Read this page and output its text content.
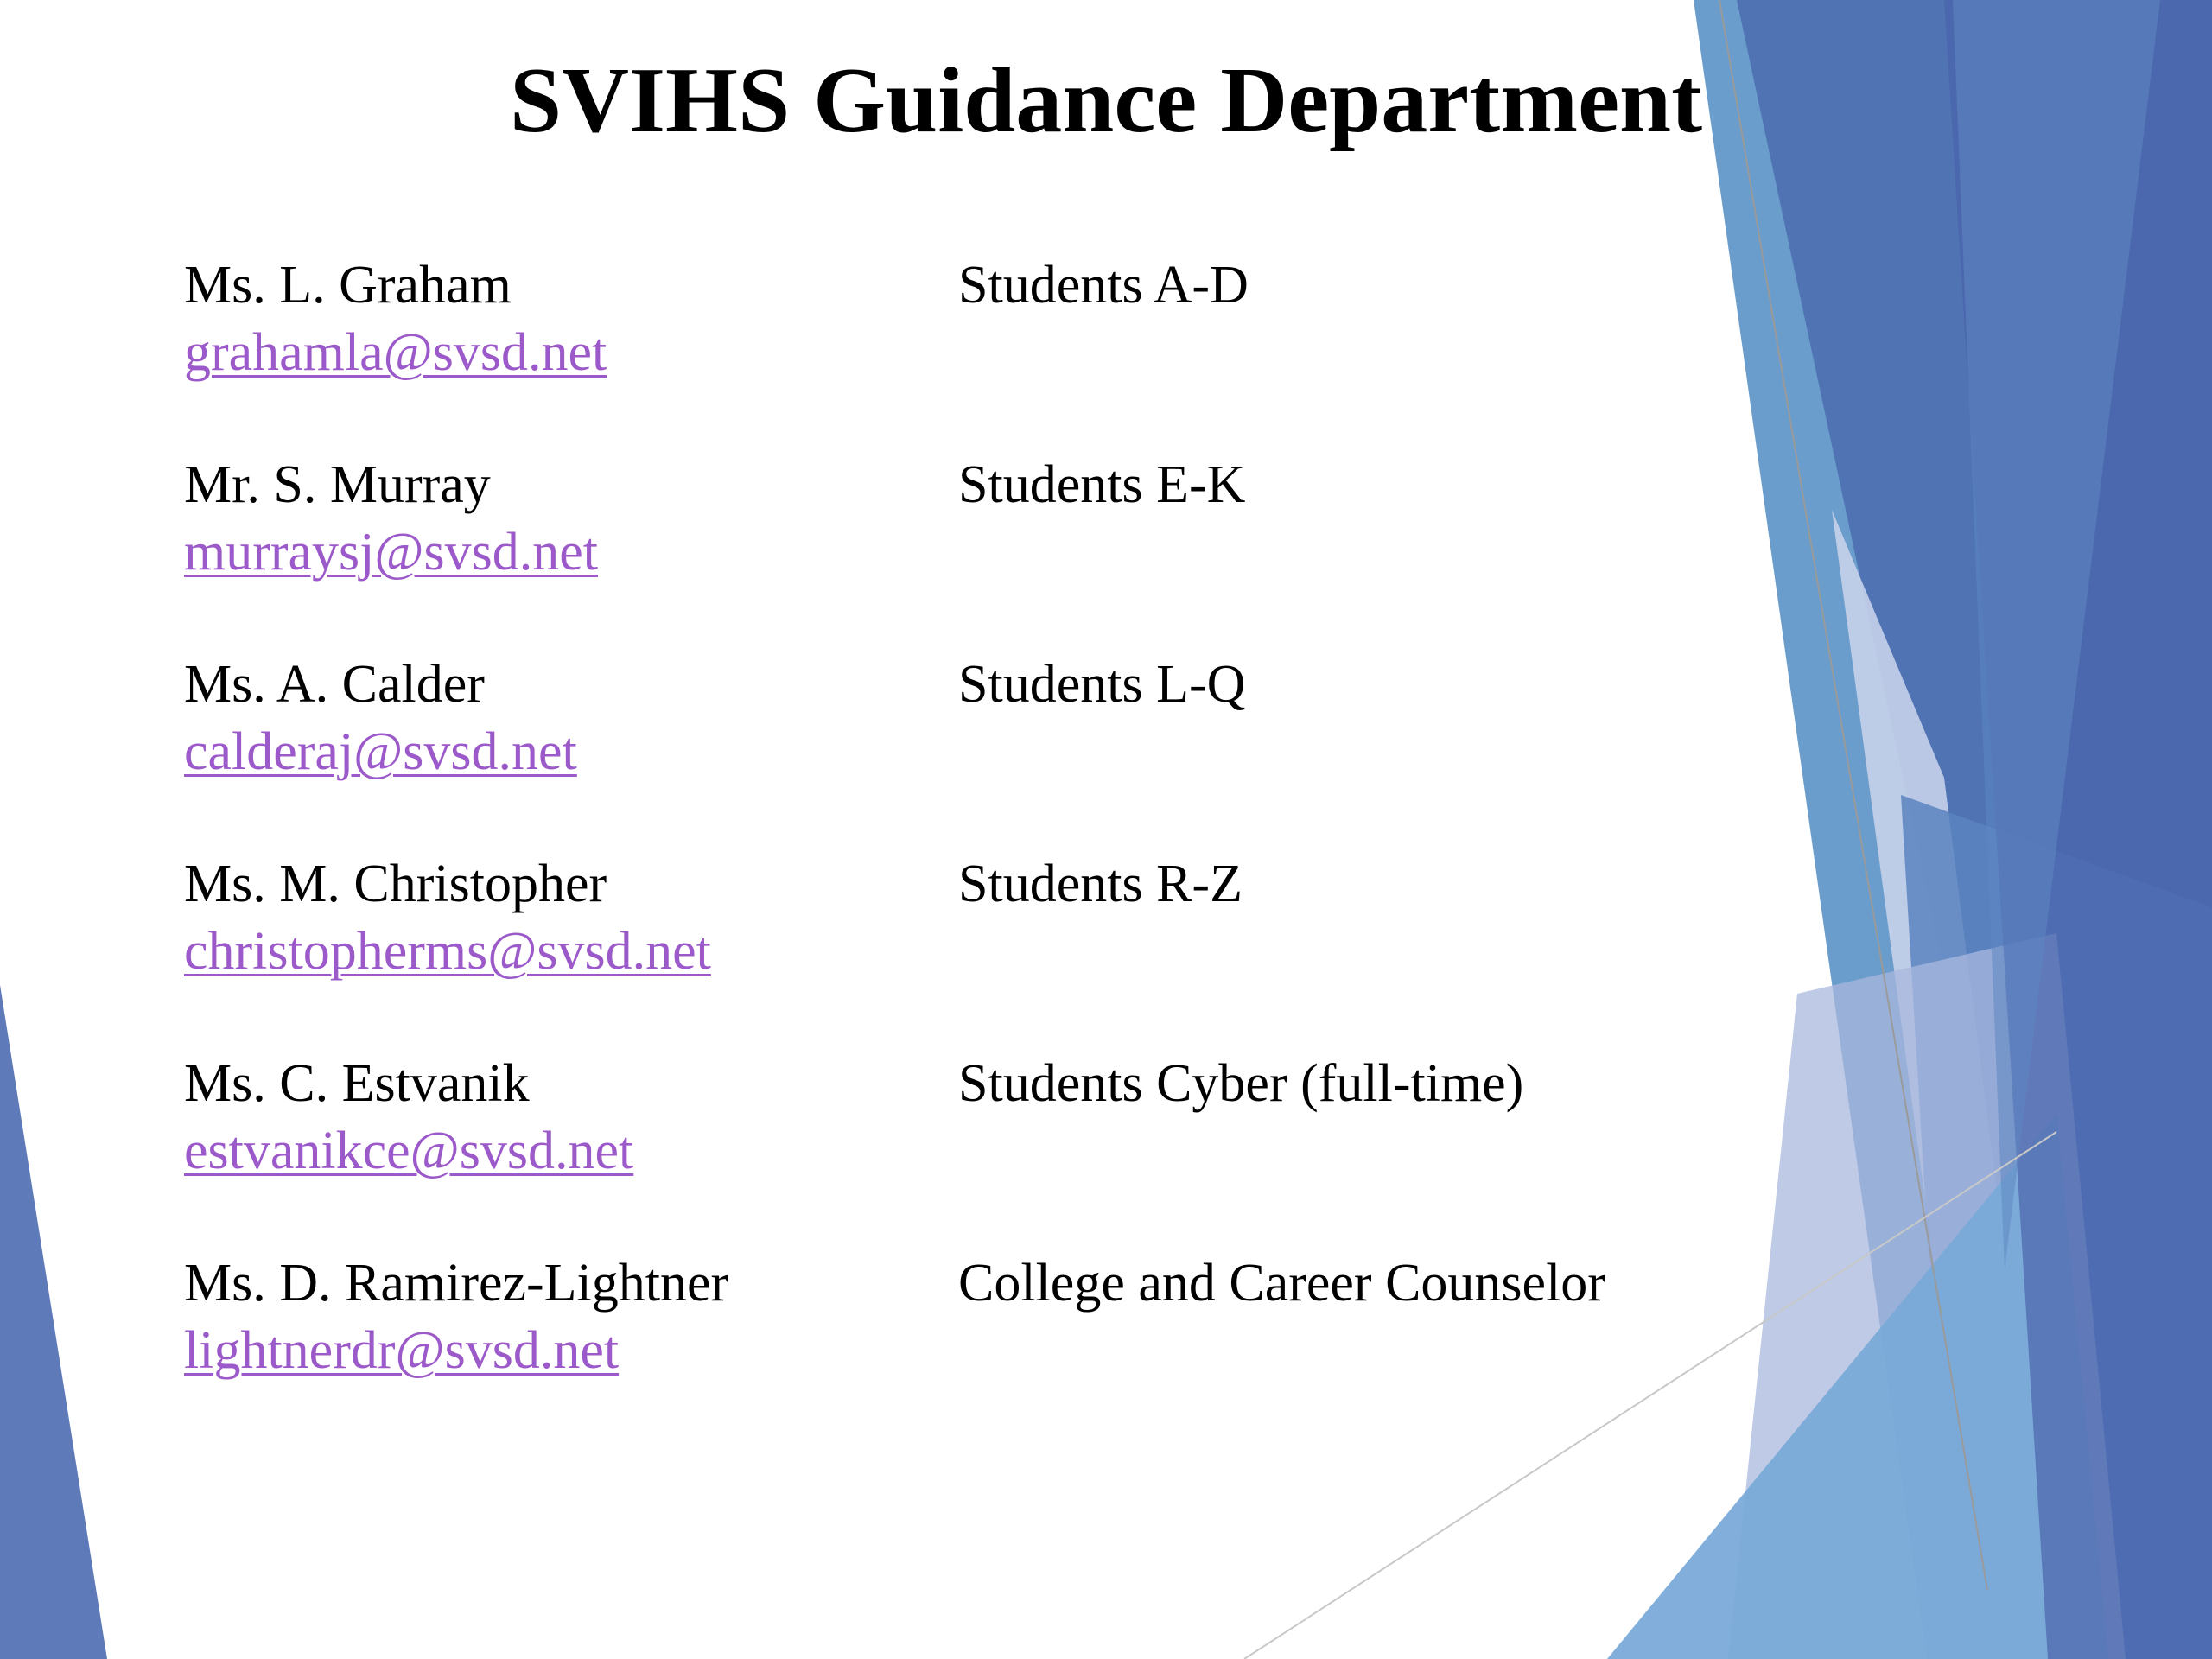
SVIHS Guidance Department
Ms. L. Graham	Students A-D
grahamla@svsd.net
Mr. S. Murray	Students E-K
murraysj@svsd.net
Ms. A. Calder	Students L-Q
calderaj@svsd.net
Ms. M. Christopher	Students R-Z
christopherms@svsd.net
Ms. C. Estvanik	Students Cyber (full-time)
estvanikce@svsd.net
Ms. D. Ramirez-Lightner	College and Career Counselor
lightnerdr@svsd.net
